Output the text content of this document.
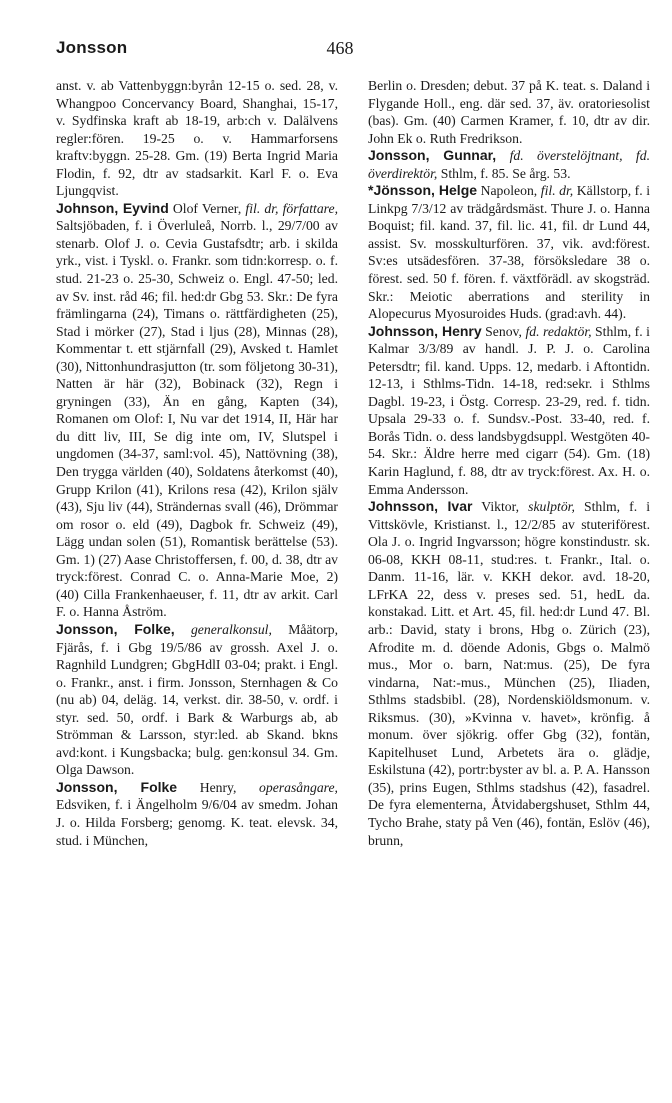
Jonsson	468

anst. v. ab Vattenbyggn:byrån 12-15 o. sed. 28, v. Whangpoo Concervancy Board, Shanghai, 15-17, v. Sydfinska kraft ab 18-19, arb:ch v. Dalälvens regler:fören. 19-25 o. v. Hammarforsens kraftv:byggn. 25-28. Gm. (19) Berta Ingrid Maria Flodin, f. 92, dtr av stadsarkit. Karl F. o. Eva Ljungqvist.

Johnson, Eyvind Olof Verner, fil. dr, författare, Saltsjöbaden, f. i Överluleå, Norrb. l., 29/7/00 av stenarb. Olof J. o. Cevia Gustafsdtr; arb. i skilda yrk., vist. i Tyskl. o. Frankr. som tidn:korresp. o. f. stud. 21-23 o. 25-30, Schweiz o. Engl. 47-50; led. av Sv. inst. råd 46; fil. hed:dr Gbg 53. Skr.: De fyra främlingarna (24), Timans o. rättfärdigheten (25), Stad i mörker (27), Stad i ljus (28), Minnas (28), Kommentar t. ett stjärnfall (29), Avsked t. Hamlet (30), Nittonhundrasjutton (tr. som följetong 30-31), Natten är här (32), Bobinack (32), Regn i gryningen (33), Än en gång, Kapten (34), Romanen om Olof: I, Nu var det 1914, II, Här har du ditt liv, III, Se dig inte om, IV, Slutspel i ungdomen (34-37, saml:vol. 45), Nattövning (38), Den trygga världen (40), Soldatens återkomst (40), Grupp Krilon (41), Krilons resa (42), Krilon själv (43), Sju liv (44), Strändernas svall (46), Drömmar om rosor o. eld (49), Dagbok fr. Schweiz (49), Lägg undan solen (51), Romantisk berättelse (53). Gm. 1) (27) Aase Christoffersen, f. 00, d. 38, dtr av tryck:förest. Conrad C. o. Anna-Marie Moe, 2) (40) Cilla Frankenhaeuser, f. 11, dtr av arkit. Carl F. o. Hanna Åström.

Jonsson, Folke, generalkonsul, Måätorp, Fjärås, f. i Gbg 19/5/86 av grossh. Axel J. o. Ragnhild Lundgren; GbgHdlI 03-04; prakt. i Engl. o. Frankr., anst. i firm. Jonsson, Sternhagen & Co (nu ab) 04, deläg. 14, verkst. dir. 38-50, v. ordf. i styr. sed. 50, ordf. i Bark & Warburgs ab, ab Strömman & Larsson, styr:led. ab Skand. bkns avd:kont. i Kungsbacka; bulg. gen:konsul 34. Gm. Olga Dawson.

Jonsson, Folke Henry, operasångare, Edsviken, f. i Ängelholm 9/6/04 av smedm. Johan J. o. Hilda Forsberg; genomg. K. teat. elevsk. 34, stud. i München,

Berlin o. Dresden; debut. 37 på K. teat. s. Daland i Flygande Holl., eng. där sed. 37, äv. oratoriesolist (bas). Gm. (40) Carmen Kramer, f. 10, dtr av dir. John Ek o. Ruth Fredrikson.

Jonsson, Gunnar, fd. överstelöjtnant, fd. överdirektör, Sthlm, f. 85. Se årg. 53.

*Jönsson, Helge Napoleon, fil. dr, Källstorp, f. i Linkpg 7/3/12 av trädgårdsmäst. Thure J. o. Hanna Boquist; fil. kand. 37, fil. lic. 41, fil. dr Lund 44, assist. Sv. mosskulturfören. 37, vik. avd:förest. Sv:es utsädesfören. 37-38, försöksledare 38 o. förest. sed. 50 f. fören. f. växtförädl. av skogsträd. Skr.: Meiotic aberrations and sterility in Alopecurus Myosuroides Huds. (grad:avh. 44).

Johnsson, Henry Senov, fd. redaktör, Sthlm, f. i Kalmar 3/3/89 av handl. J. P. J. o. Carolina Petersdtr; fil. kand. Upps. 12, medarb. i Aftontidn. 12-13, i Sthlms-Tidn. 14-18, red:sekr. i Sthlms Dagbl. 19-23, i Östg. Corresp. 23-29, red. f. tidn. Upsala 29-33 o. f. Sundsv.-Post. 33-40, red. f. Borås Tidn. o. dess landsbygdsuppl. Westgöten 40-54. Skr.: Äldre herre med cigarr (54). Gm. (18) Karin Haglund, f. 88, dtr av tryck:förest. Ax. H. o. Emma Andersson.

Johnsson, Ivar Viktor, skulptör, Sthlm, f. i Vittskövle, Kristianst. l., 12/2/85 av stuteriförest. Ola J. o. Ingrid Ingvarsson; högre konstindustr. sk. 06-08, KKH 08-11, stud:res. t. Frankr., Ital. o. Danm. 11-16, lär. v. KKH dekor. avd. 18-20, LFrKA 22, dess v. preses sed. 51, hedL da. konstakad. Litt. et Art. 45, fil. hed:dr Lund 47. Bl. arb.: David, staty i brons, Hbg o. Zürich (23), Afrodite m. d. döende Adonis, Gbgs o. Malmö mus., Mor o. barn, Nat:mus. (25), De fyra vindarna, Nat:-mus., München (25), Iliaden, Sthlms stadsbibl. (28), Nordenskiöldsmonum. v. Riksmus. (30), »Kvinna v. havet», krönfig. å monum. över sjökrig. offer Gbg (32), fontän, Kapitelhuset Lund, Arbetets ära o. glädje, Eskilstuna (42), portr:byster av bl. a. P. A. Hansson (35), prins Eugen, Sthlms stadshus (42), fasadrel. De fyra elementerna, Åtvidabergshuset, Sthlm 44, Tycho Brahe, staty på Ven (46), fontän, Eslöv (46), brunn,
